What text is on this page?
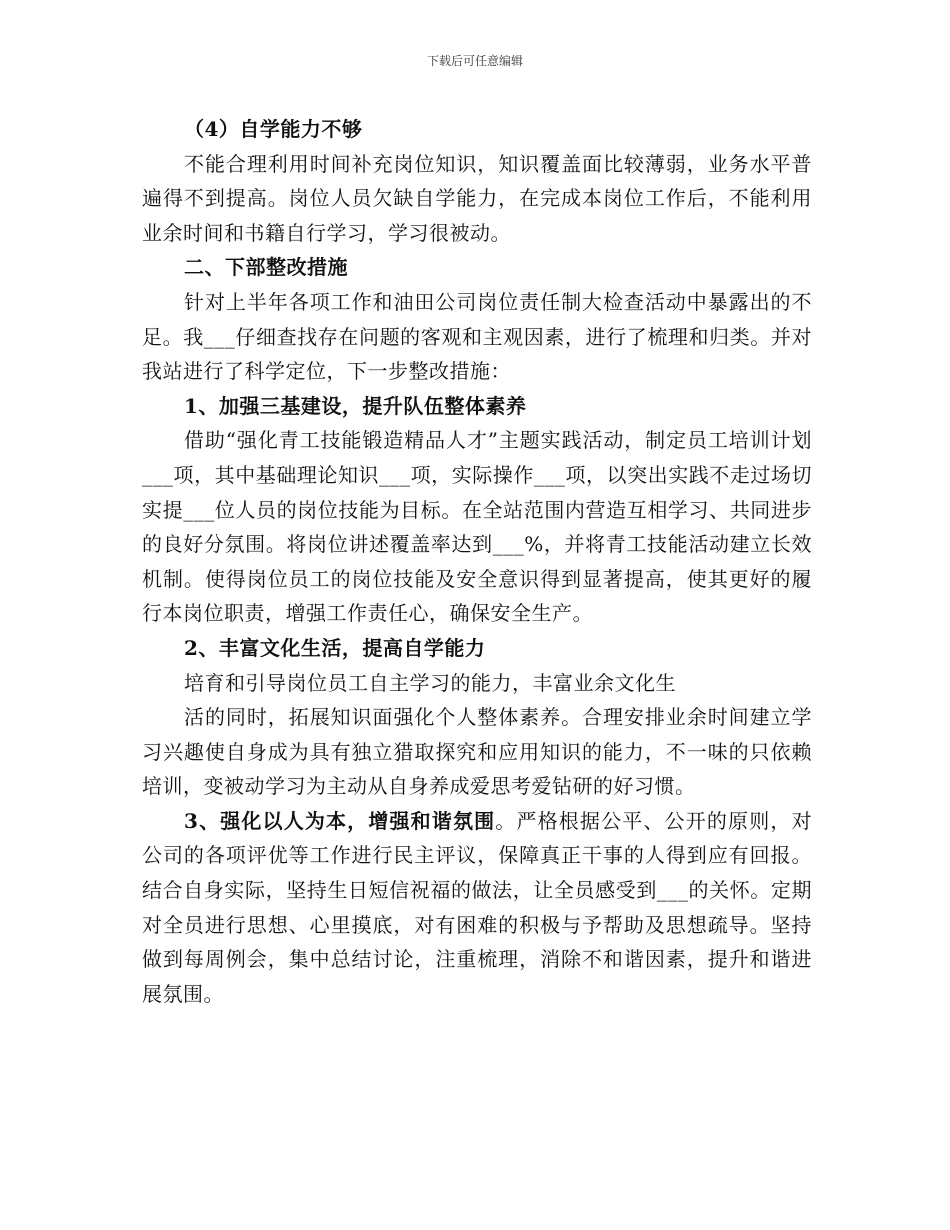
下载后可任意编辑

（4）自学能力不够

不能合理利用时间补充岗位知识，知识覆盖面比较薄弱，业务水平普遍得不到提高。岗位人员欠缺自学能力，在完成本岗位工作后，不能利用业余时间和书籍自行学习，学习很被动。

二、下部整改措施

针对上半年各项工作和油田公司岗位责任制大检查活动中暴露出的不足。我___仔细查找存在问题的客观和主观因素，进行了梳理和归类。并对我站进行了科学定位，下一步整改措施：

1、加强三基建设，提升队伍整体素养

借助“强化青工技能锻造精品人才”主题实践活动，制定员工培训计划___项，其中基础理论知识___项，实际操作___项，以突出实践不走过场切实提___位人员的岗位技能为目标。在全站范围内营造互相学习、共同进步的良好分氛围。将岗位讲述覆盖率达到___%，并将青工技能活动建立长效机制。使得岗位员工的岗位技能及安全意识得到显著提高，使其更好的履行本岗位职责，增强工作责任心，确保安全生产。

2、丰富文化生活，提高自学能力

培育和引导岗位员工自主学习的能力，丰富业余文化生

活的同时，拓展知识面强化个人整体素养。合理安排业余时间建立学习兴趣使自身成为具有独立猎取探究和应用知识的能力，不一味的只依赖培训，变被动学习为主动从自身养成爱思考爱钻研的好习惯。

3、强化以人为本，增强和谐氛围。严格根据公平、公开的原则，对公司的各项评优等工作进行民主评议，保障真正干事的人得到应有回报。结合自身实际，坚持生日短信祝福的做法，让全员感受到___的关怀。定期对全员进行思想、心里摸底，对有困难的积极与予帮助及思想疏导。坚持做到每周例会，集中总结讨论，注重梳理，消除不和谐因素，提升和谐进展氛围。
